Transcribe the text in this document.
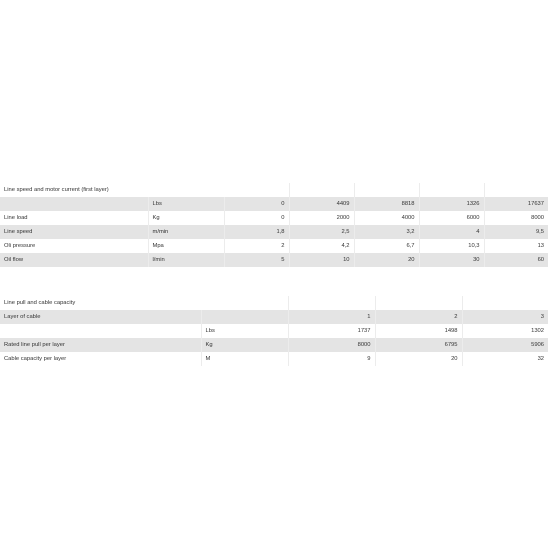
Line speed and motor current (first layer)						
	Lbs	0	4409	8818	1326	17637
Line load	Kg	0	2000	4000	6000	8000
Line speed	m/min	1,8	2,5	3,2	4	9,5
Oli pressure	Mpa	2	4,2	6,7	10,3	13
Oil flow	l/min	5	10	20	30	60
Line pull and cable capacity				
Layer of cable		1	2	3
	Lbs	1737	1498	1302
Rated line pull per layer	Kg	8000	6795	5906
Cable capacity per layer	M	9	20	32
